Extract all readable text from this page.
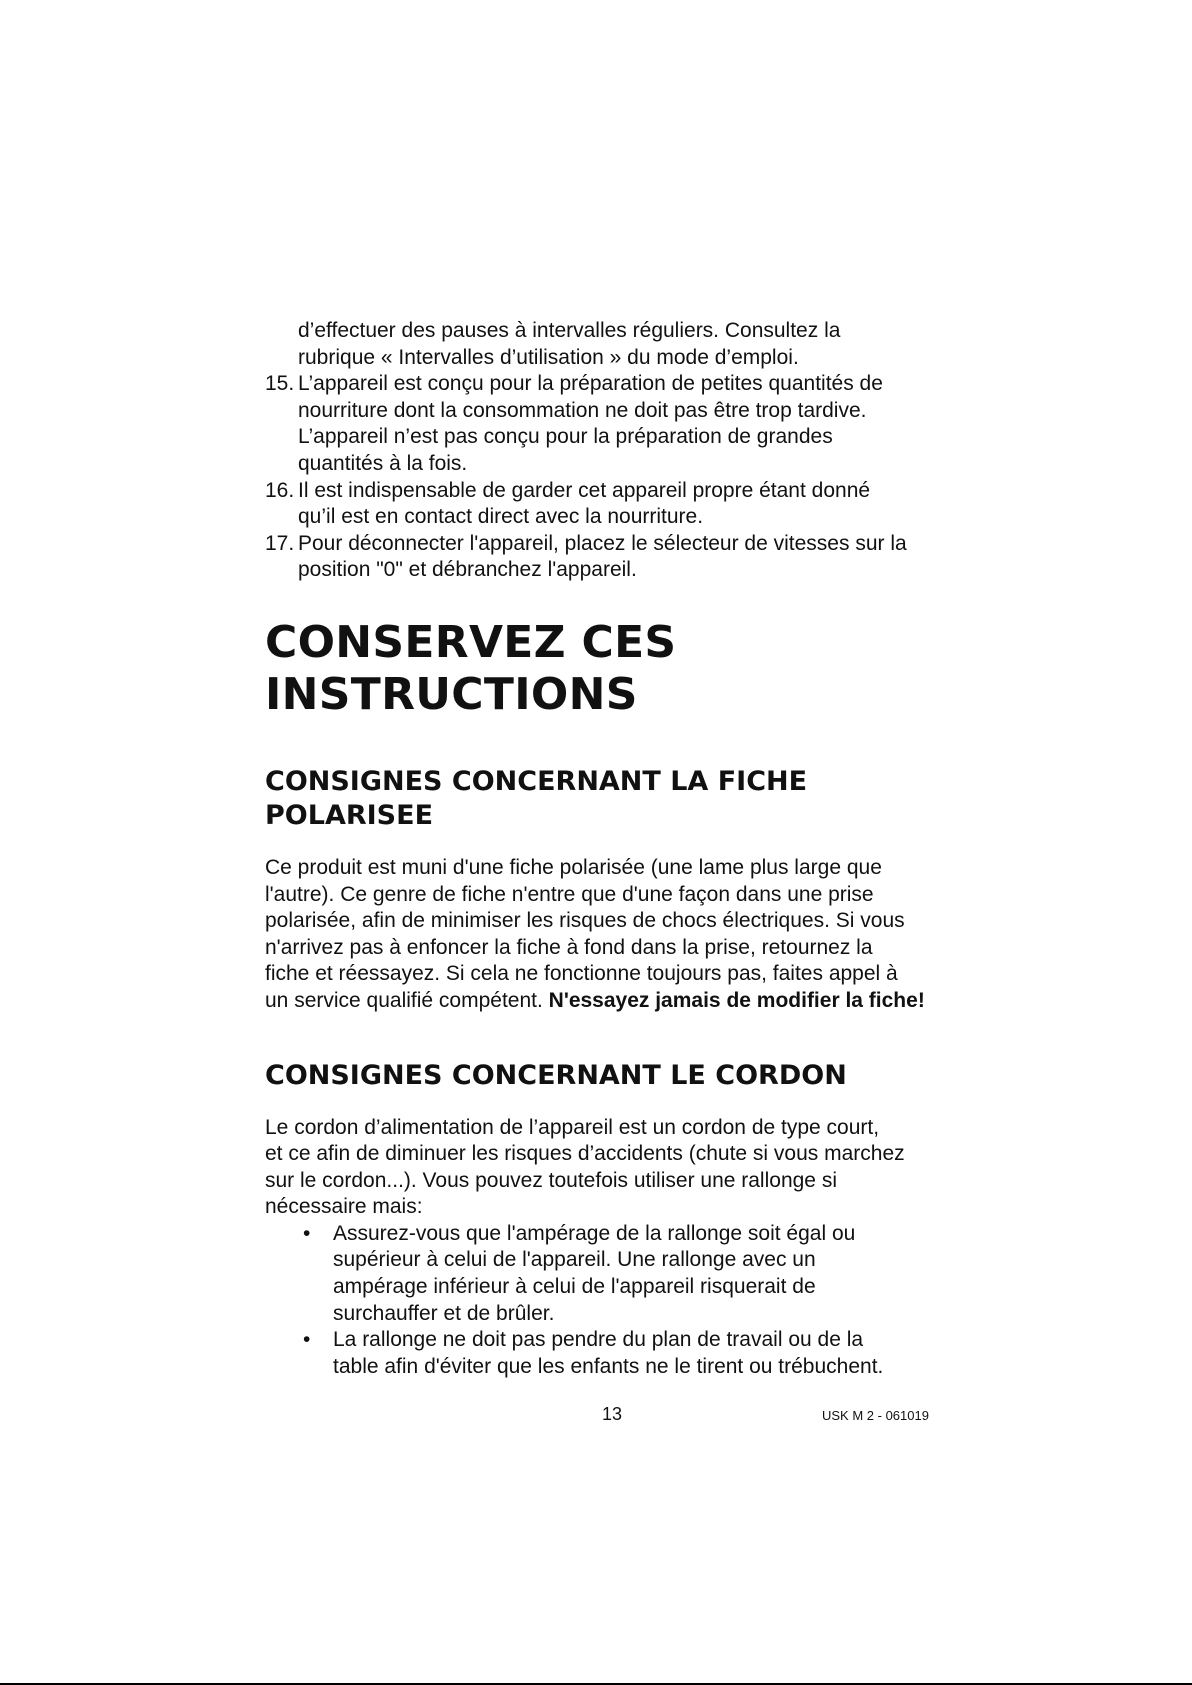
d’effectuer des pauses à intervalles réguliers. Consultez la
rubrique « Intervalles d’utilisation » du mode d’emploi.
15. L’appareil est conçu pour la préparation de petites quantités de
nourriture dont la consommation ne doit pas être trop tardive.
L’appareil n’est pas conçu pour la préparation de grandes
quantités à la fois.
16. Il est indispensable de garder cet appareil propre étant donné
qu’il est en contact direct avec la nourriture.
17. Pour déconnecter l'appareil, placez le sélecteur de vitesses sur la
position "0" et débranchez l'appareil.
CONSERVEZ CES INSTRUCTIONS
CONSIGNES CONCERNANT LA FICHE POLARISEE
Ce produit est muni d'une fiche polarisée (une lame plus large que
l'autre). Ce genre de fiche n'entre que d'une façon dans une prise
polarisée, afin de minimiser les risques de chocs électriques. Si vous
n'arrivez pas à enfoncer la fiche à fond dans la prise, retournez la
fiche et réessayez. Si cela ne fonctionne toujours pas, faites appel à
un service qualifié compétent. N'essayez jamais de modifier la fiche!
CONSIGNES CONCERNANT LE CORDON
Le cordon d’alimentation de l’appareil est un cordon de type court,
et ce afin de diminuer les risques d’accidents (chute si vous marchez
sur le cordon...). Vous pouvez toutefois utiliser une rallonge si
nécessaire mais:
• Assurez-vous que l'ampérage de la rallonge soit égal ou
supérieur à celui de l'appareil. Une rallonge avec un
ampérage inférieur à celui de l'appareil risquerait de
surchauffer et de brûler.
• La rallonge ne doit pas pendre du plan de travail ou de la
table afin d'éviter que les enfants ne le tirent ou trébuchent.
13	USK M 2 - 061019
